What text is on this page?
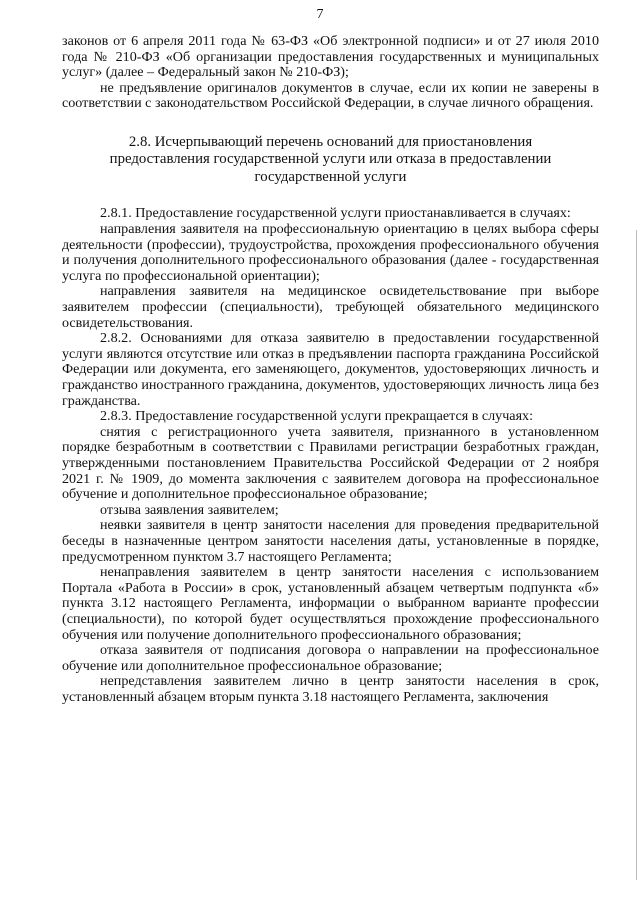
7

законов от 6 апреля 2011 года № 63-ФЗ «Об электронной подписи» и от 27 июля 2010 года № 210-ФЗ «Об организации предоставления государственных и муниципальных услуг» (далее – Федеральный закон № 210-ФЗ);

не предъявление оригиналов документов в случае, если их копии не заверены в соответствии с законодательством Российской Федерации, в случае личного обращения.

2.8. Исчерпывающий перечень оснований для приостановления предоставления государственной услуги или отказа в предоставлении государственной услуги

2.8.1. Предоставление государственной услуги приостанавливается в случаях:

направления заявителя на профессиональную ориентацию в целях выбора сферы деятельности (профессии), трудоустройства, прохождения профессионального обучения и получения дополнительного профессионального образования (далее - государственная услуга по профессиональной ориентации);

направления заявителя на медицинское освидетельствование при выборе заявителем профессии (специальности), требующей обязательного медицинского освидетельствования.

2.8.2. Основаниями для отказа заявителю в предоставлении государственной услуги являются отсутствие или отказ в предъявлении паспорта гражданина Российской Федерации или документа, его заменяющего, документов, удостоверяющих личность и гражданство иностранного гражданина, документов, удостоверяющих личность лица без гражданства.

2.8.3. Предоставление государственной услуги прекращается в случаях:

снятия с регистрационного учета заявителя, признанного в установленном порядке безработным в соответствии с Правилами регистрации безработных граждан, утвержденными постановлением Правительства Российской Федерации от 2 ноября 2021 г. № 1909, до момента заключения с заявителем договора на профессиональное обучение и дополнительное профессиональное образование;

отзыва заявления заявителем;

неявки заявителя в центр занятости населения для проведения предварительной беседы в назначенные центром занятости населения даты, установленные в порядке, предусмотренном пунктом 3.7 настоящего Регламента;

ненаправления заявителем в центр занятости населения с использованием Портала «Работа в России» в срок, установленный абзацем четвертым подпункта «б» пункта 3.12 настоящего Регламента, информации о выбранном варианте профессии (специальности), по которой будет осуществляться прохождение профессионального обучения или получение дополнительного профессионального образования;

отказа заявителя от подписания договора о направлении на профессиональное обучение или дополнительное профессиональное образование;

непредставления заявителем лично в центр занятости населения в срок, установленный абзацем вторым пункта 3.18 настоящего Регламента, заключения
